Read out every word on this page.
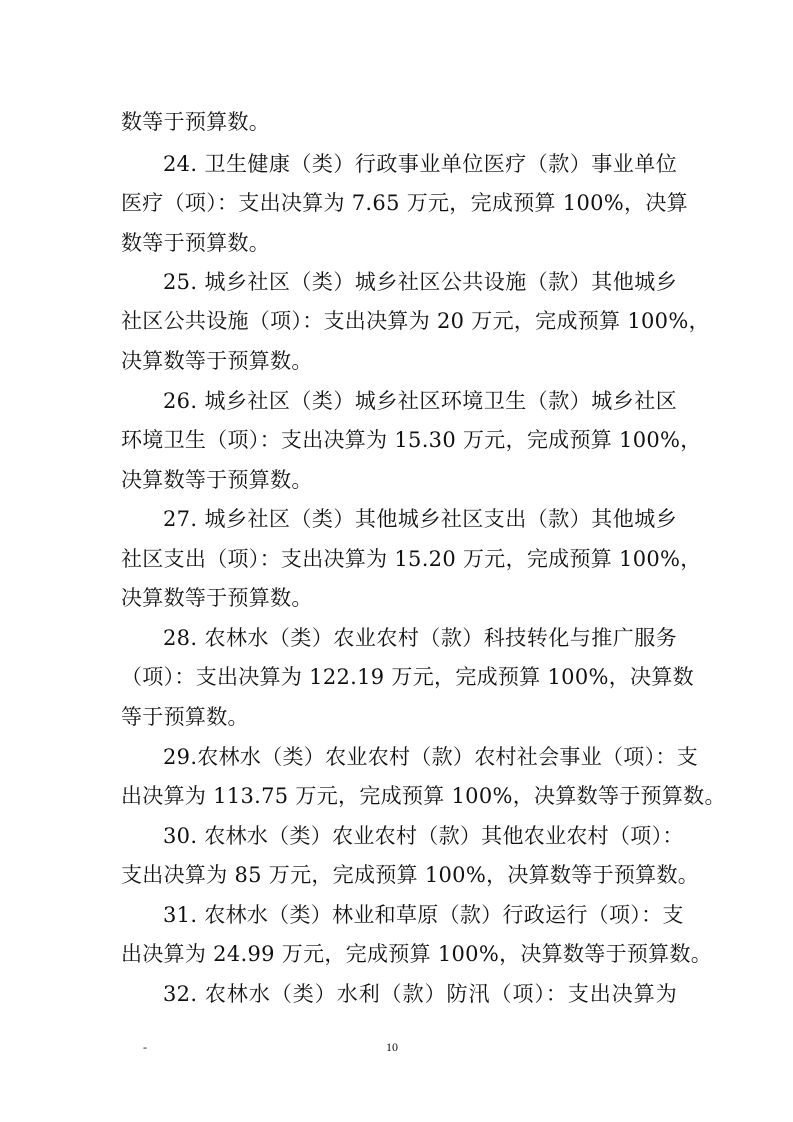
数等于预算数。
24. 卫生健康（类）行政事业单位医疗（款）事业单位
医疗（项）：支出决算为 7.65 万元，完成预算 100%，决算
数等于预算数。
25. 城乡社区（类）城乡社区公共设施（款）其他城乡
社区公共设施（项）：支出决算为 20 万元，完成预算 100%，
决算数等于预算数。
26. 城乡社区（类）城乡社区环境卫生（款）城乡社区
环境卫生（项）：支出决算为 15.30 万元，完成预算 100%，
决算数等于预算数。
27. 城乡社区（类）其他城乡社区支出（款）其他城乡
社区支出（项）：支出决算为 15.20 万元，完成预算 100%，
决算数等于预算数。
28. 农林水（类）农业农村（款）科技转化与推广服务
（项）：支出决算为 122.19 万元，完成预算 100%，决算数
等于预算数。
29.农林水（类）农业农村（款）农村社会事业（项）：支
出决算为 113.75 万元，完成预算 100%，决算数等于预算数。
30. 农林水（类）农业农村（款）其他农业农村（项）：
支出决算为 85 万元，完成预算 100%，决算数等于预算数。
31. 农林水（类）林业和草原（款）行政运行（项）：支
出决算为 24.99 万元，完成预算 100%，决算数等于预算数。
32. 农林水（类）水利（款）防汛（项）：支出决算为
-	10
